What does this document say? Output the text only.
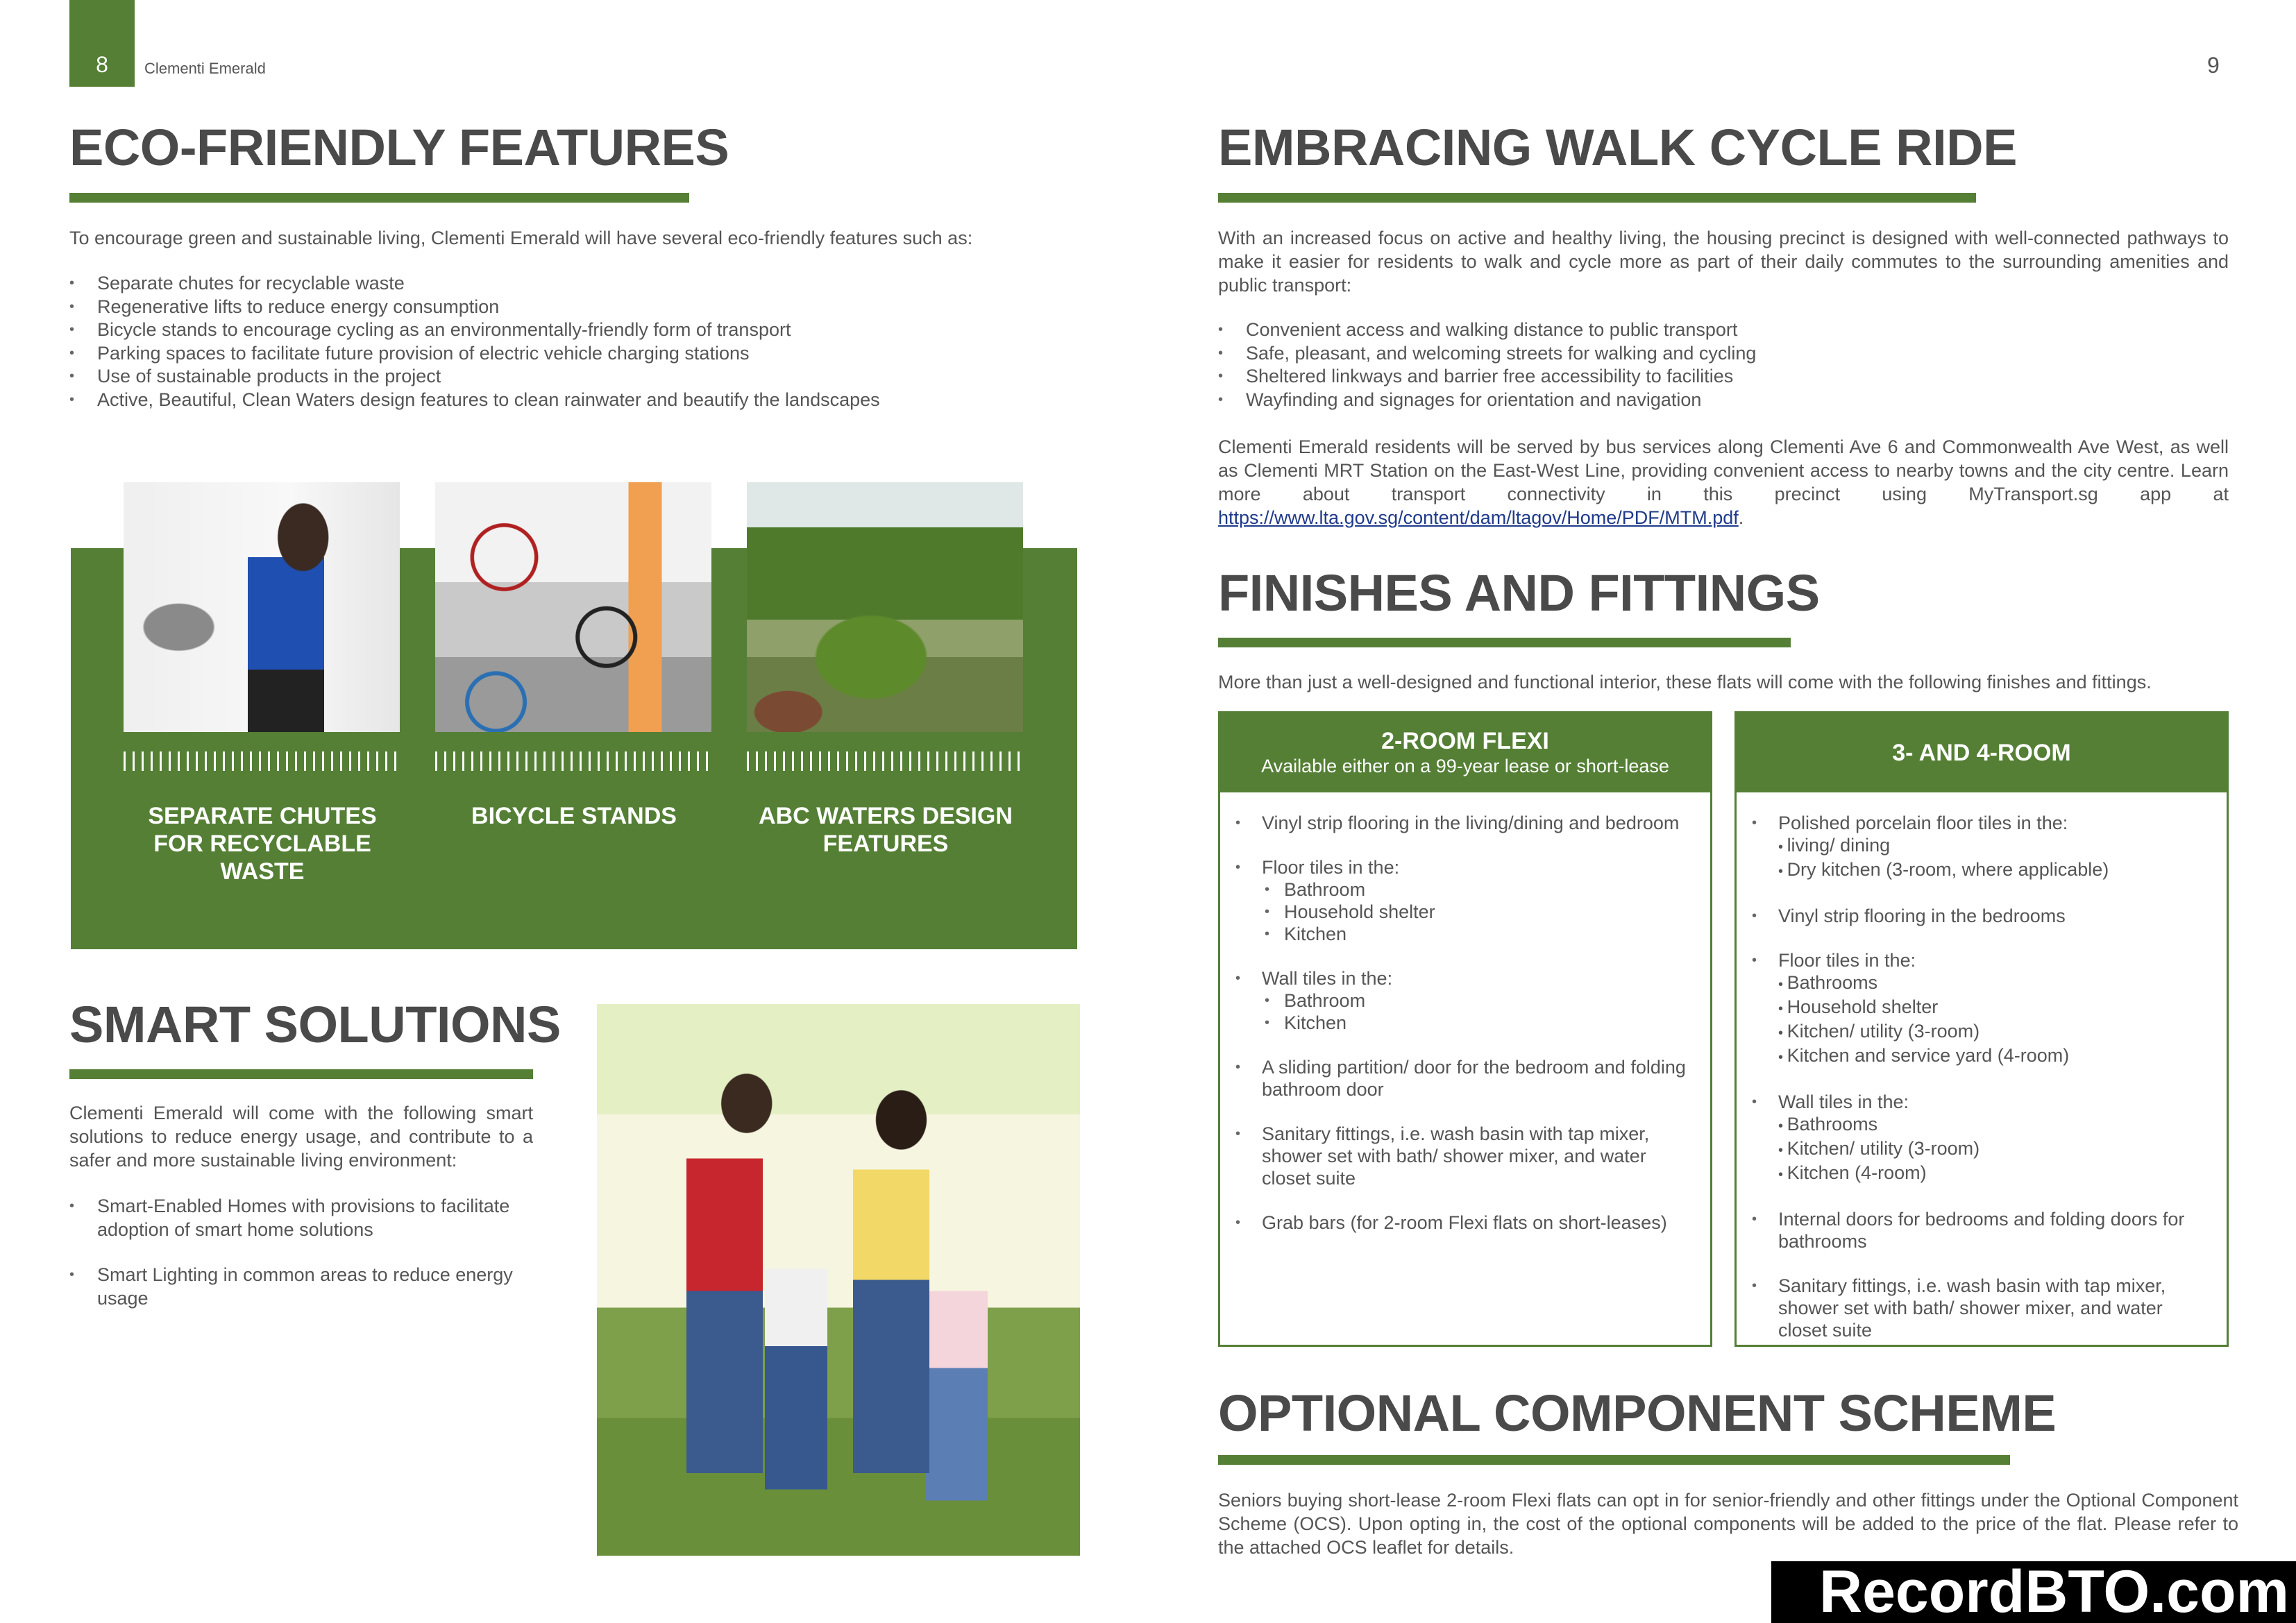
8	Clementi Emerald	9
ECO-FRIENDLY FEATURES
To encourage green and sustainable living, Clementi Emerald will have several eco-friendly features such as:
• Separate chutes for recyclable waste
• Regenerative lifts to reduce energy consumption
• Bicycle stands to encourage cycling as an environmentally-friendly form of transport
• Parking spaces to facilitate future provision of electric vehicle charging stations
• Use of sustainable products in the project
• Active, Beautiful, Clean Waters design features to clean rainwater and beautify the landscapes
SEPARATE CHUTES FOR RECYCLABLE WASTE
BICYCLE STANDS	ABC WATERS DESIGN FEATURES
SMART SOLUTIONS
Clementi Emerald will come with the following smart solutions to reduce energy usage, and contribute to a safer and more sustainable living environment:
• Smart-Enabled Homes with provisions to facilitate adoption of smart home solutions
• Smart Lighting in common areas to reduce energy usage
EMBRACING WALK CYCLE RIDE
With an increased focus on active and healthy living, the housing precinct is designed with well-connected pathways to make it easier for residents to walk and cycle more as part of their daily commutes to the surrounding amenities and public transport:
• Convenient access and walking distance to public transport
• Safe, pleasant, and welcoming streets for walking and cycling
• Sheltered linkways and barrier free accessibility to facilities
• Wayfinding and signages for orientation and navigation
Clementi Emerald residents will be served by bus services along Clementi Ave 6 and Commonwealth Ave West, as well as Clementi MRT Station on the East-West Line, providing convenient access to nearby towns and the city centre. Learn more about transport connectivity in this precinct using MyTransport.sg app at https://www.lta.gov.sg/content/dam/ltagov/Home/PDF/MTM.pdf.
FINISHES AND FITTINGS
More than just a well-designed and functional interior, these flats will come with the following finishes and fittings.
2-ROOM FLEXI
Available either on a 99-year lease or short-lease
• Vinyl strip flooring in the living/dining and bedroom
• Floor tiles in the:
• Bathroom
• Household shelter
• Kitchen
• Wall tiles in the:
• Bathroom
• Kitchen
• A sliding partition/ door for the bedroom and folding bathroom door
• Sanitary fittings, i.e. wash basin with tap mixer, shower set with bath/ shower mixer, and water closet suite
• Grab bars (for 2-room Flexi flats on short-leases)
3- AND 4-ROOM
• Polished porcelain floor tiles in the:
• living/ dining
• Dry kitchen (3-room, where applicable)
• Vinyl strip flooring in the bedrooms
• Floor tiles in the:
• Bathrooms
• Household shelter
• Kitchen/ utility (3-room)
• Kitchen and service yard (4-room)
• Wall tiles in the:
• Bathrooms
• Kitchen/ utility (3-room)
• Kitchen (4-room)
• Internal doors for bedrooms and folding doors for bathrooms
• Sanitary fittings, i.e. wash basin with tap mixer, shower set with bath/ shower mixer, and water closet suite
OPTIONAL COMPONENT SCHEME
Seniors buying short-lease 2-room Flexi flats can opt in for senior-friendly and other fittings under the Optional Component Scheme (OCS). Upon opting in, the cost of the optional components will be added to the price of the flat. Please refer to the attached OCS leaflet for details.
RecordBTO.com
